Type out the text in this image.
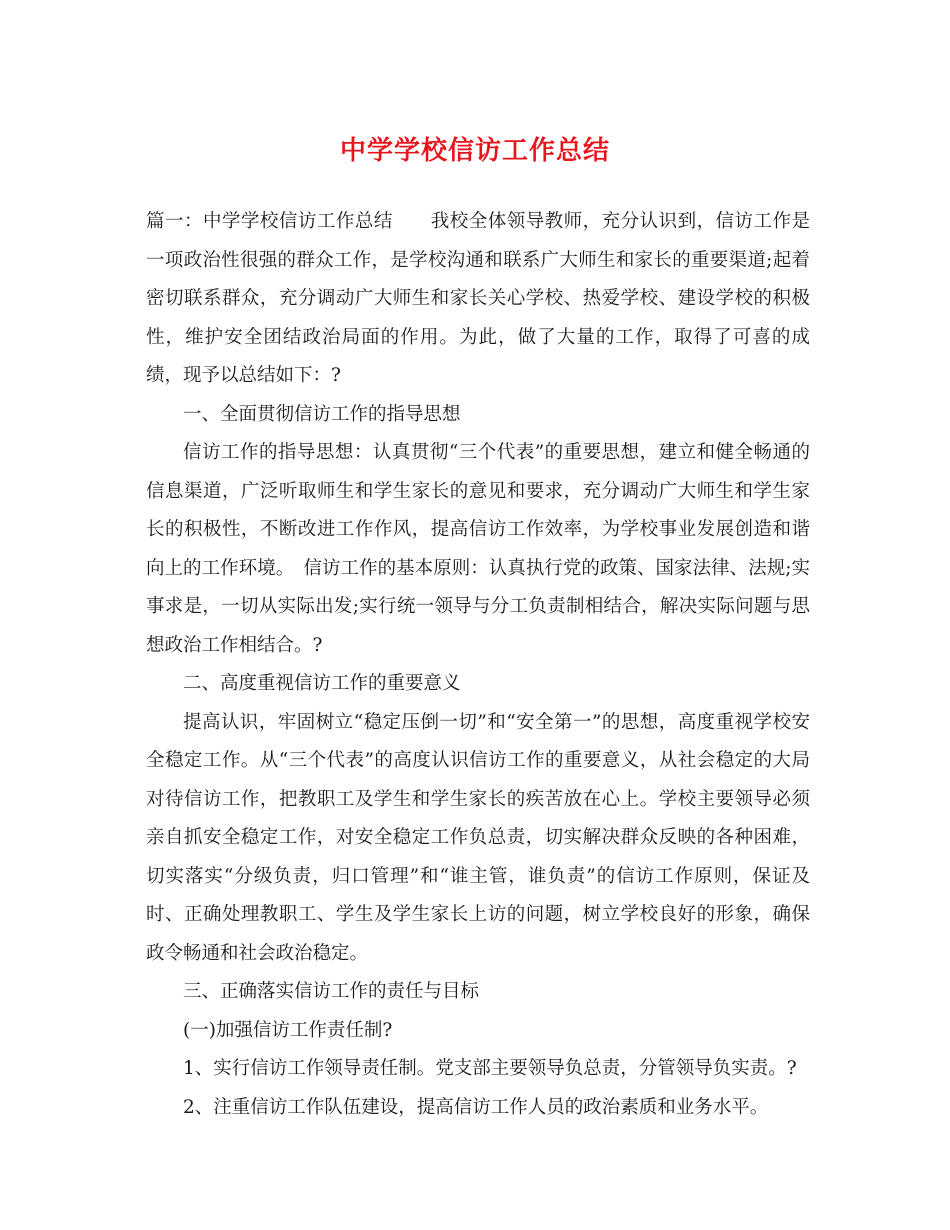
中学学校信访工作总结

篇一：中学学校信访工作总结　　我校全体领导教师，充分认识到，信访工作是一项政治性很强的群众工作，是学校沟通和联系广大师生和家长的重要渠道;起着密切联系群众，充分调动广大师生和家长关心学校、热爱学校、建设学校的积极性，维护安全团结政治局面的作用。为此，做了大量的工作，取得了可喜的成绩，现予以总结如下：?

一、全面贯彻信访工作的指导思想

信访工作的指导思想：认真贯彻“三个代表”的重要思想，建立和健全畅通的信息渠道，广泛听取师生和学生家长的意见和要求，充分调动广大师生和学生家长的积极性，不断改进工作作风，提高信访工作效率，为学校事业发展创造和谐向上的工作环境。　信访工作的基本原则：认真执行党的政策、国家法律、法规;实事求是，一切从实际出发;实行统一领导与分工负责制相结合，解决实际问题与思想政治工作相结合。?

二、高度重视信访工作的重要意义

提高认识，牢固树立“稳定压倒一切”和“安全第一”的思想，高度重视学校安全稳定工作。从“三个代表”的高度认识信访工作的重要意义，从社会稳定的大局对待信访工作，把教职工及学生和学生家长的疾苦放在心上。学校主要领导必须亲自抓安全稳定工作，对安全稳定工作负总责，切实解决群众反映的各种困难，切实落实“分级负责，归口管理”和“谁主管，谁负责”的信访工作原则，保证及时、正确处理教职工、学生及学生家长上访的问题，树立学校良好的形象，确保政令畅通和社会政治稳定。

三、正确落实信访工作的责任与目标

(一)加强信访工作责任制?

1、实行信访工作领导责任制。党支部主要领导负总责，分管领导负实责。?

2、注重信访工作队伍建设，提高信访工作人员的政治素质和业务水平。
